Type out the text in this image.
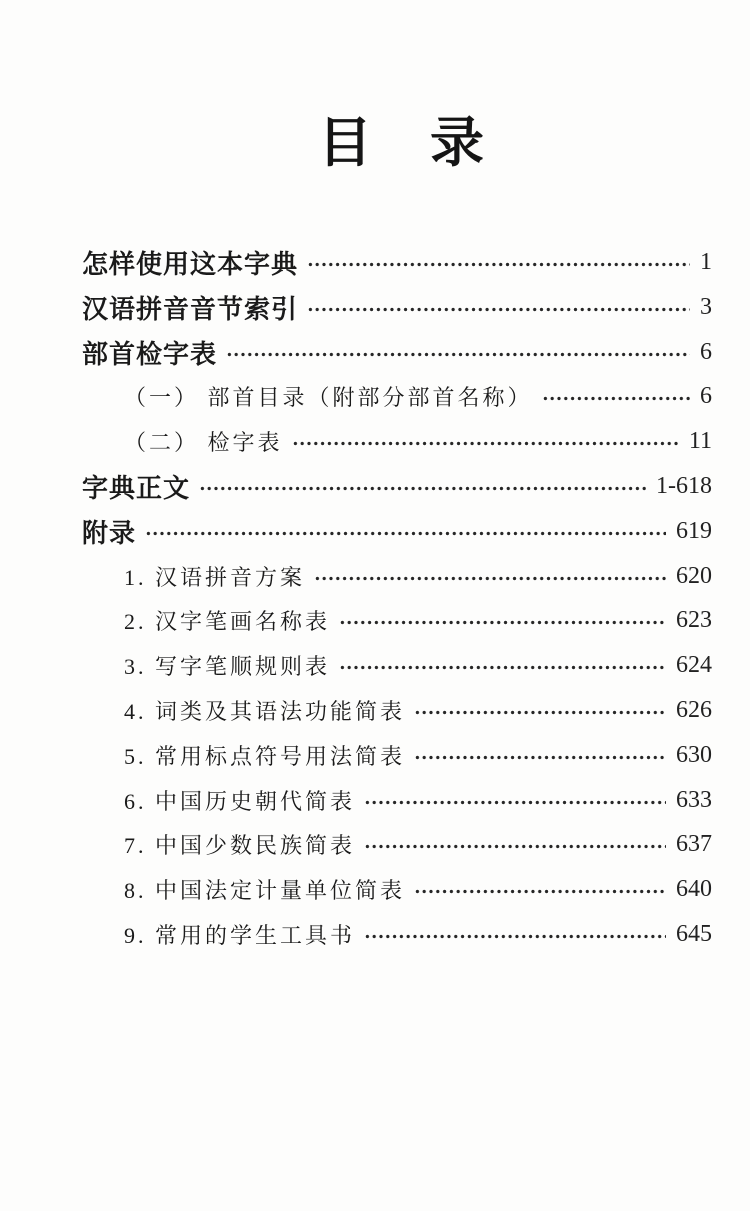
目　录
怎样使用这本字典	1
汉语拼音音节索引	3
部首检字表	6
（一） 部首目录（附部分部首名称）	6
（二） 检字表	11
字典正文	1-618
附录	619
1. 汉语拼音方案	620
2. 汉字笔画名称表	623
3. 写字笔顺规则表	624
4. 词类及其语法功能简表	626
5. 常用标点符号用法简表	630
6. 中国历史朝代简表	633
7. 中国少数民族简表	637
8. 中国法定计量单位简表	640
9. 常用的学生工具书	645
